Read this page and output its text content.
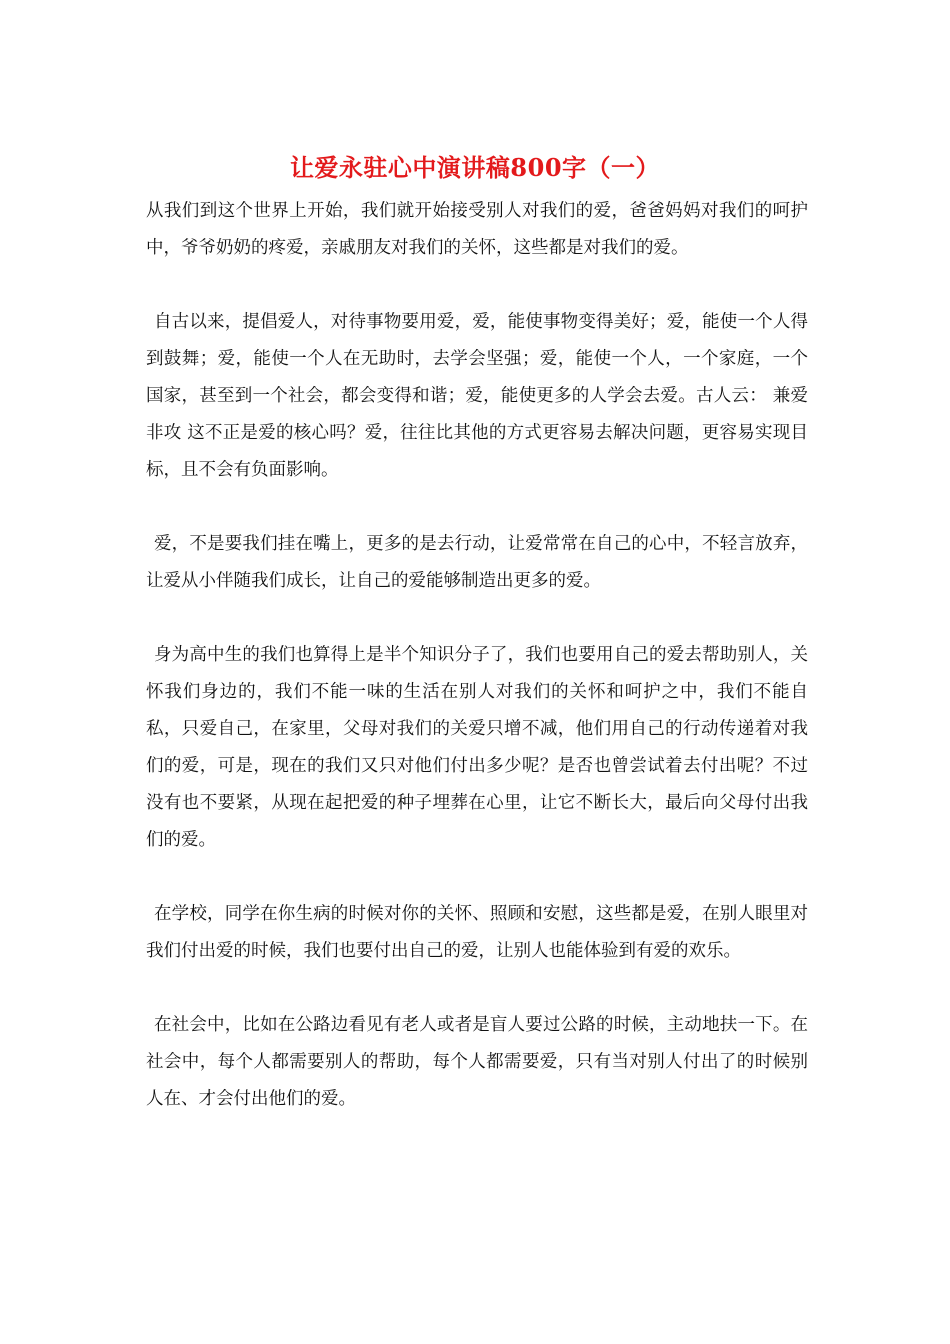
让爱永驻心中演讲稿800字（一）

从我们到这个世界上开始，我们就开始接受别人对我们的爱，爸爸妈妈对我们的呵护中，爷爷奶奶的疼爱，亲戚朋友对我们的关怀，这些都是对我们的爱。

自古以来，提倡爱人，对待事物要用爱，爱，能使事物变得美好；爱，能使一个人得到鼓舞；爱，能使一个人在无助时，去学会坚强；爱，能使一个人，一个家庭，一个国家，甚至到一个社会，都会变得和谐；爱，能使更多的人学会去爱。古人云： 兼爱非攻 这不正是爱的核心吗？爱，往往比其他的方式更容易去解决问题，更容易实现目标，且不会有负面影响。

爱，不是要我们挂在嘴上，更多的是去行动，让爱常常在自己的心中，不轻言放弃，让爱从小伴随我们成长，让自己的爱能够制造出更多的爱。

身为高中生的我们也算得上是半个知识分子了，我们也要用自己的爱去帮助别人，关怀我们身边的，我们不能一味的生活在别人对我们的关怀和呵护之中，我们不能自私，只爱自己，在家里，父母对我们的关爱只增不减，他们用自己的行动传递着对我们的爱，可是，现在的我们又只对他们付出多少呢？是否也曾尝试着去付出呢？不过没有也不要紧，从现在起把爱的种子埋葬在心里，让它不断长大，最后向父母付出我们的爱。

在学校，同学在你生病的时候对你的关怀、照顾和安慰，这些都是爱，在别人眼里对我们付出爱的时候，我们也要付出自己的爱，让别人也能体验到有爱的欢乐。

在社会中，比如在公路边看见有老人或者是盲人要过公路的时候，主动地扶一下。在社会中，每个人都需要别人的帮助，每个人都需要爱，只有当对别人付出了的时候别人在、才会付出他们的爱。
